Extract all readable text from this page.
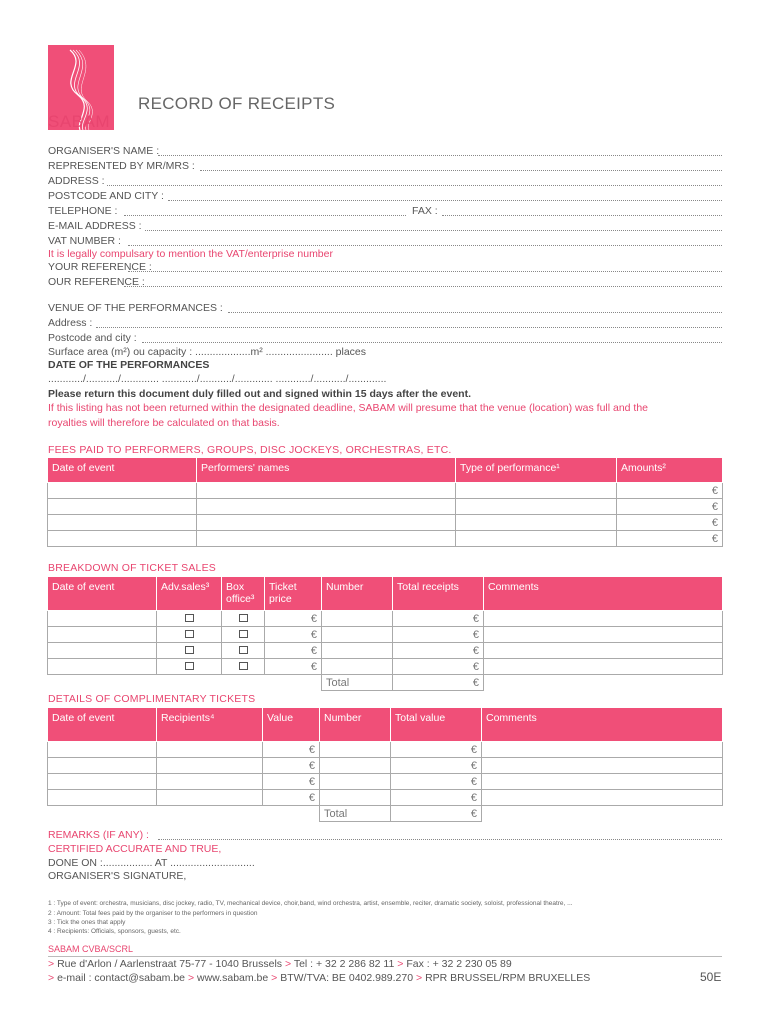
SABAM
RECORD OF RECEIPTS
ORGANISER'S NAME :
REPRESENTED BY MR/MRS :
ADDRESS :
POSTCODE AND CITY :
TELEPHONE :	FAX :
E-MAIL ADDRESS :
VAT NUMBER :
It is legally compulsary to mention the VAT/enterprise number
YOUR REFERENCE :
OUR REFERENCE :
VENUE OF THE PERFORMANCES :
Address :
Postcode and city :
Surface area (m²) ou capacity : ...................m² ....................... places
DATE OF THE PERFORMANCES
............/.........../............. ............/.........../............. ............/.........../.............
Please return this document duly filled out and signed within 15 days after the event.
If this listing has not been returned within the designated deadline, SABAM will presume that the venue (location) was full and the
royalties will therefore be calculated on that basis.
FEES PAID TO PERFORMERS, GROUPS, DISC JOCKEYS, ORCHESTRAS, ETC.
Date of event	Performers' names	Type of performance¹	Amounts²
			€
			€
			€
			€
BREAKDOWN OF TICKET SALES
Date of event	Adv.sales³	Box office³	Ticket price	Number	Total receipts	Comments
			€		€	
			€		€	
			€		€	
			€		€	
				Total	€	
DETAILS OF COMPLIMENTARY TICKETS
Date of event	Recipients⁴	Value	Number	Total value	Comments
		€		€	
		€		€	
		€		€	
		€		€	
			Total	€	
REMARKS (IF ANY) :
CERTIFIED ACCURATE AND TRUE,
DONE ON :................. AT .............................
ORGANISER'S SIGNATURE,
1 : Type of event: orchestra, musicians, disc jockey, radio, TV, mechanical device, choir,band, wind orchestra, artist, ensemble, reciter, dramatic society, soloist, professional theatre, ...
2 : Amount: Total fees paid by the organiser to the performers in question
3 : Tick the ones that apply
4 : Recipients: Officials, sponsors, guests, etc.
SABAM CVBA/SCRL
> Rue d'Arlon / Aarlenstraat 75-77 - 1040 Brussels > Tel : + 32 2 286 82 11 > Fax : + 32 2 230 05 89
> e-mail : contact@sabam.be > www.sabam.be > BTW/TVA: BE 0402.989.270 > RPR BRUSSEL/RPM BRUXELLES	50E
